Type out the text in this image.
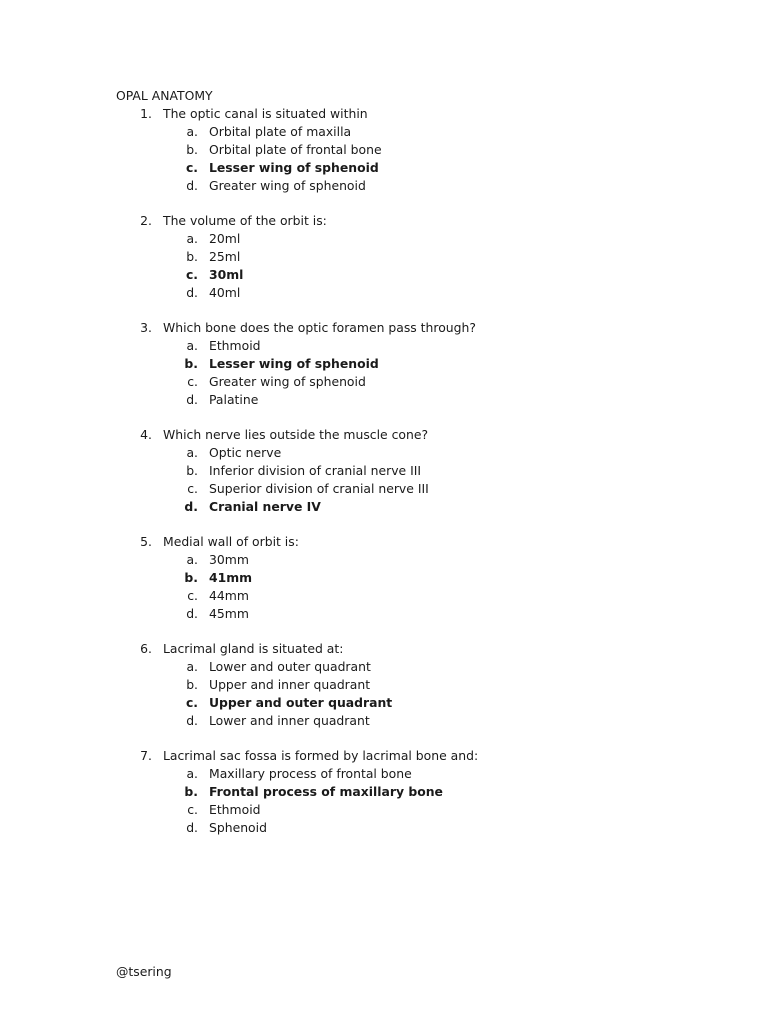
OPAL ANATOMY
1. The optic canal is situated within
a. Orbital plate of maxilla
b. Orbital plate of frontal bone
c. Lesser wing of sphenoid
d. Greater wing of sphenoid
2. The volume of the orbit is:
a. 20ml
b. 25ml
c. 30ml
d. 40ml
3. Which bone does the optic foramen pass through?
a. Ethmoid
b. Lesser wing of sphenoid
c. Greater wing of sphenoid
d. Palatine
4. Which nerve lies outside the muscle cone?
a. Optic nerve
b. Inferior division of cranial nerve III
c. Superior division of cranial nerve III
d. Cranial nerve IV
5. Medial wall of orbit is:
a. 30mm
b. 41mm
c. 44mm
d. 45mm
6. Lacrimal gland is situated at:
a. Lower and outer quadrant
b. Upper and inner quadrant
c. Upper and outer quadrant
d. Lower and inner quadrant
7. Lacrimal sac fossa is formed by lacrimal bone and:
a. Maxillary process of frontal bone
b. Frontal process of maxillary bone
c. Ethmoid
d. Sphenoid
@tsering
